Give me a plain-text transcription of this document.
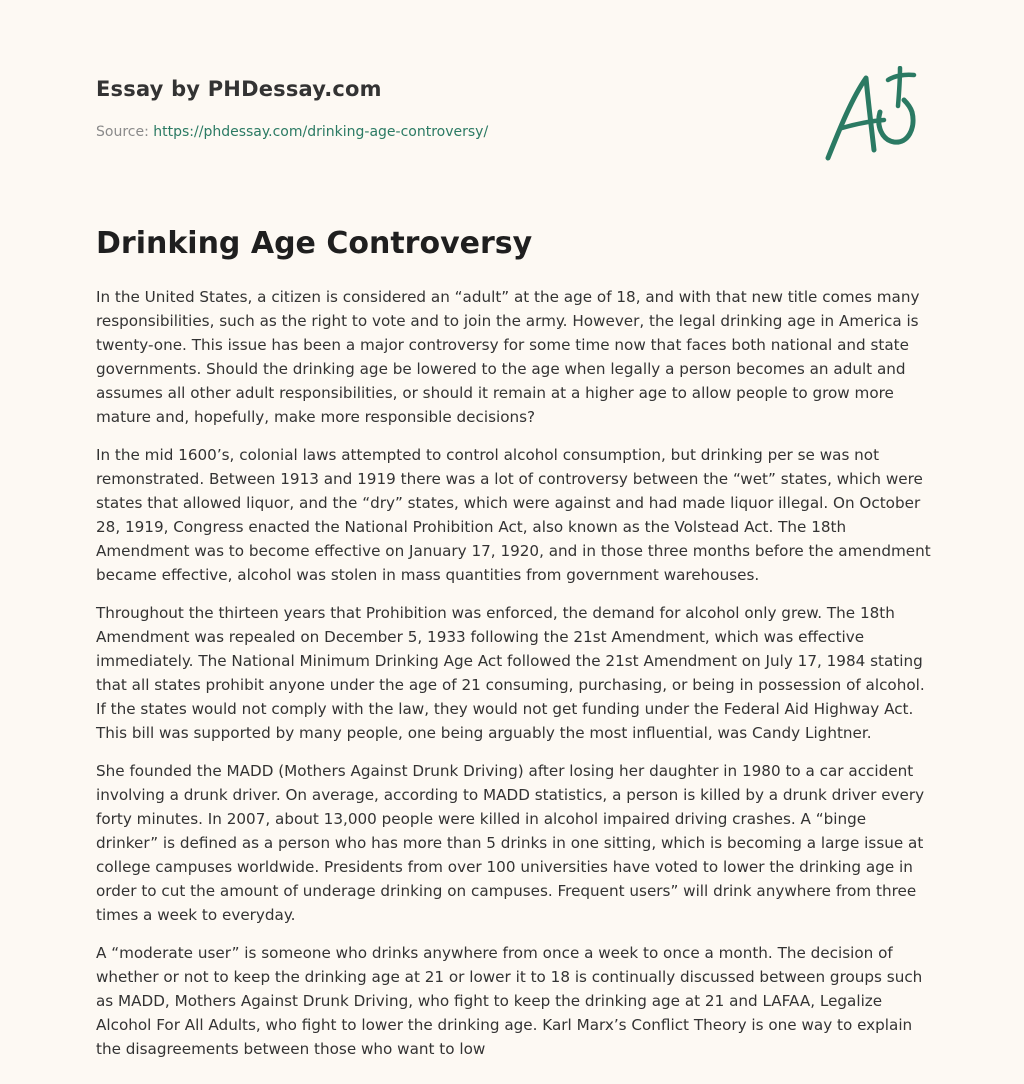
Essay by PHDessay.com
Source: https://phdessay.com/drinking-age-controversy/
Drinking Age Controversy

In the United States, a citizen is considered an “adult” at the age of 18, and with that new title comes many responsibilities, such as the right to vote and to join the army. However, the legal drinking age in America is twenty-one. This issue has been a major controversy for some time now that faces both national and state governments. Should the drinking age be lowered to the age when legally a person becomes an adult and assumes all other adult responsibilities, or should it remain at a higher age to allow people to grow more mature and, hopefully, make more responsible decisions?

In the mid 1600’s, colonial laws attempted to control alcohol consumption, but drinking per se was not remonstrated. Between 1913 and 1919 there was a lot of controversy between the “wet” states, which were states that allowed liquor, and the “dry” states, which were against and had made liquor illegal. On October 28, 1919, Congress enacted the National Prohibition Act, also known as the Volstead Act. The 18th Amendment was to become effective on January 17, 1920, and in those three months before the amendment became effective, alcohol was stolen in mass quantities from government warehouses.

Throughout the thirteen years that Prohibition was enforced, the demand for alcohol only grew. The 18th Amendment was repealed on December 5, 1933 following the 21st Amendment, which was effective immediately. The National Minimum Drinking Age Act followed the 21st Amendment on July 17, 1984 stating that all states prohibit anyone under the age of 21 consuming, purchasing, or being in possession of alcohol. If the states would not comply with the law, they would not get funding under the Federal Aid Highway Act. This bill was supported by many people, one being arguably the most influential, was Candy Lightner.

She founded the MADD (Mothers Against Drunk Driving) after losing her daughter in 1980 to a car accident involving a drunk driver. On average, according to MADD statistics, a person is killed by a drunk driver every forty minutes. In 2007, about 13,000 people were killed in alcohol impaired driving crashes. A “binge drinker” is defined as a person who has more than 5 drinks in one sitting, which is becoming a large issue at college campuses worldwide. Presidents from over 100 universities have voted to lower the drinking age in order to cut the amount of underage drinking on campuses. Frequent users” will drink anywhere from three times a week to everyday.

A “moderate user” is someone who drinks anywhere from once a week to once a month. The decision of whether or not to keep the drinking age at 21 or lower it to 18 is continually discussed between groups such as MADD, Mothers Against Drunk Driving, who fight to keep the drinking age at 21 and LAFAA, Legalize Alcohol For All Adults, who fight to lower the drinking age. Karl Marx’s Conflict Theory is one way to explain the disagreements between those who want to low
